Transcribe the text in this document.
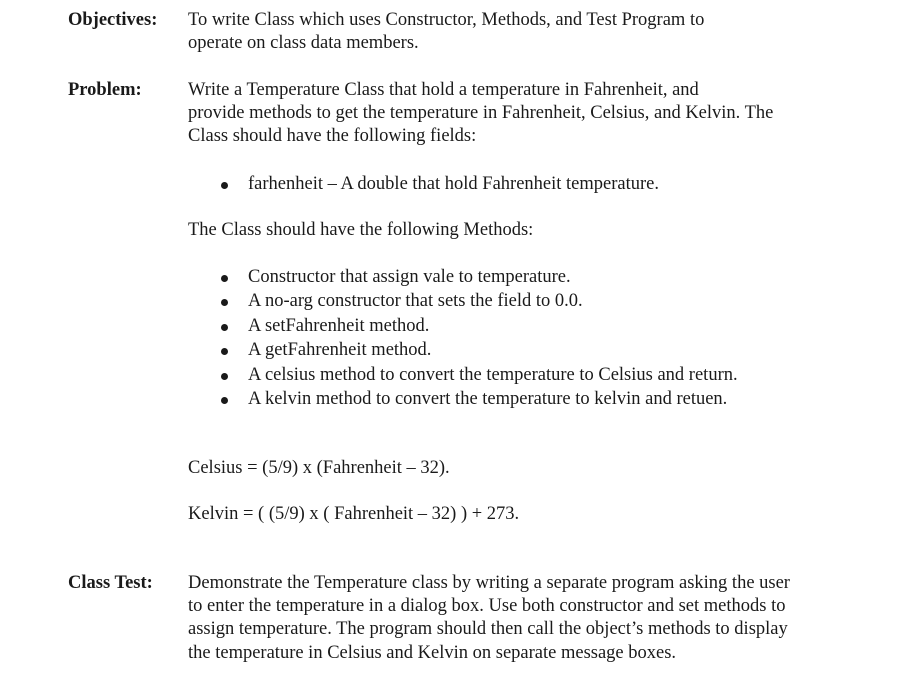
Objectives: To write Class which uses Constructor, Methods, and Test Program to
operate on class data members.
Problem:	Write a Temperature Class that hold a temperature in Fahrenheit, and
provide methods to get the temperature in Fahrenheit, Celsius, and Kelvin. The
Class should have the following fields:
farhenheit – A double that hold Fahrenheit temperature.
The Class should have the following Methods:
Constructor that assign vale to temperature.
A no-arg constructor that sets the field to 0.0.
A setFahrenheit method.
A getFahrenheit method.
A celsius method to convert the temperature to Celsius and return.
A kelvin method to convert the temperature to kelvin and retuen.
Celsius = (5/9) x (Fahrenheit – 32).
Kelvin = ( (5/9) x ( Fahrenheit – 32) ) + 273.
Class Test: Demonstrate the Temperature class by writing a separate program asking the user
to enter the temperature in a dialog box. Use both constructor and set methods to
assign temperature. The program should then call the object’s methods to display
the temperature in Celsius and Kelvin on separate message boxes.
